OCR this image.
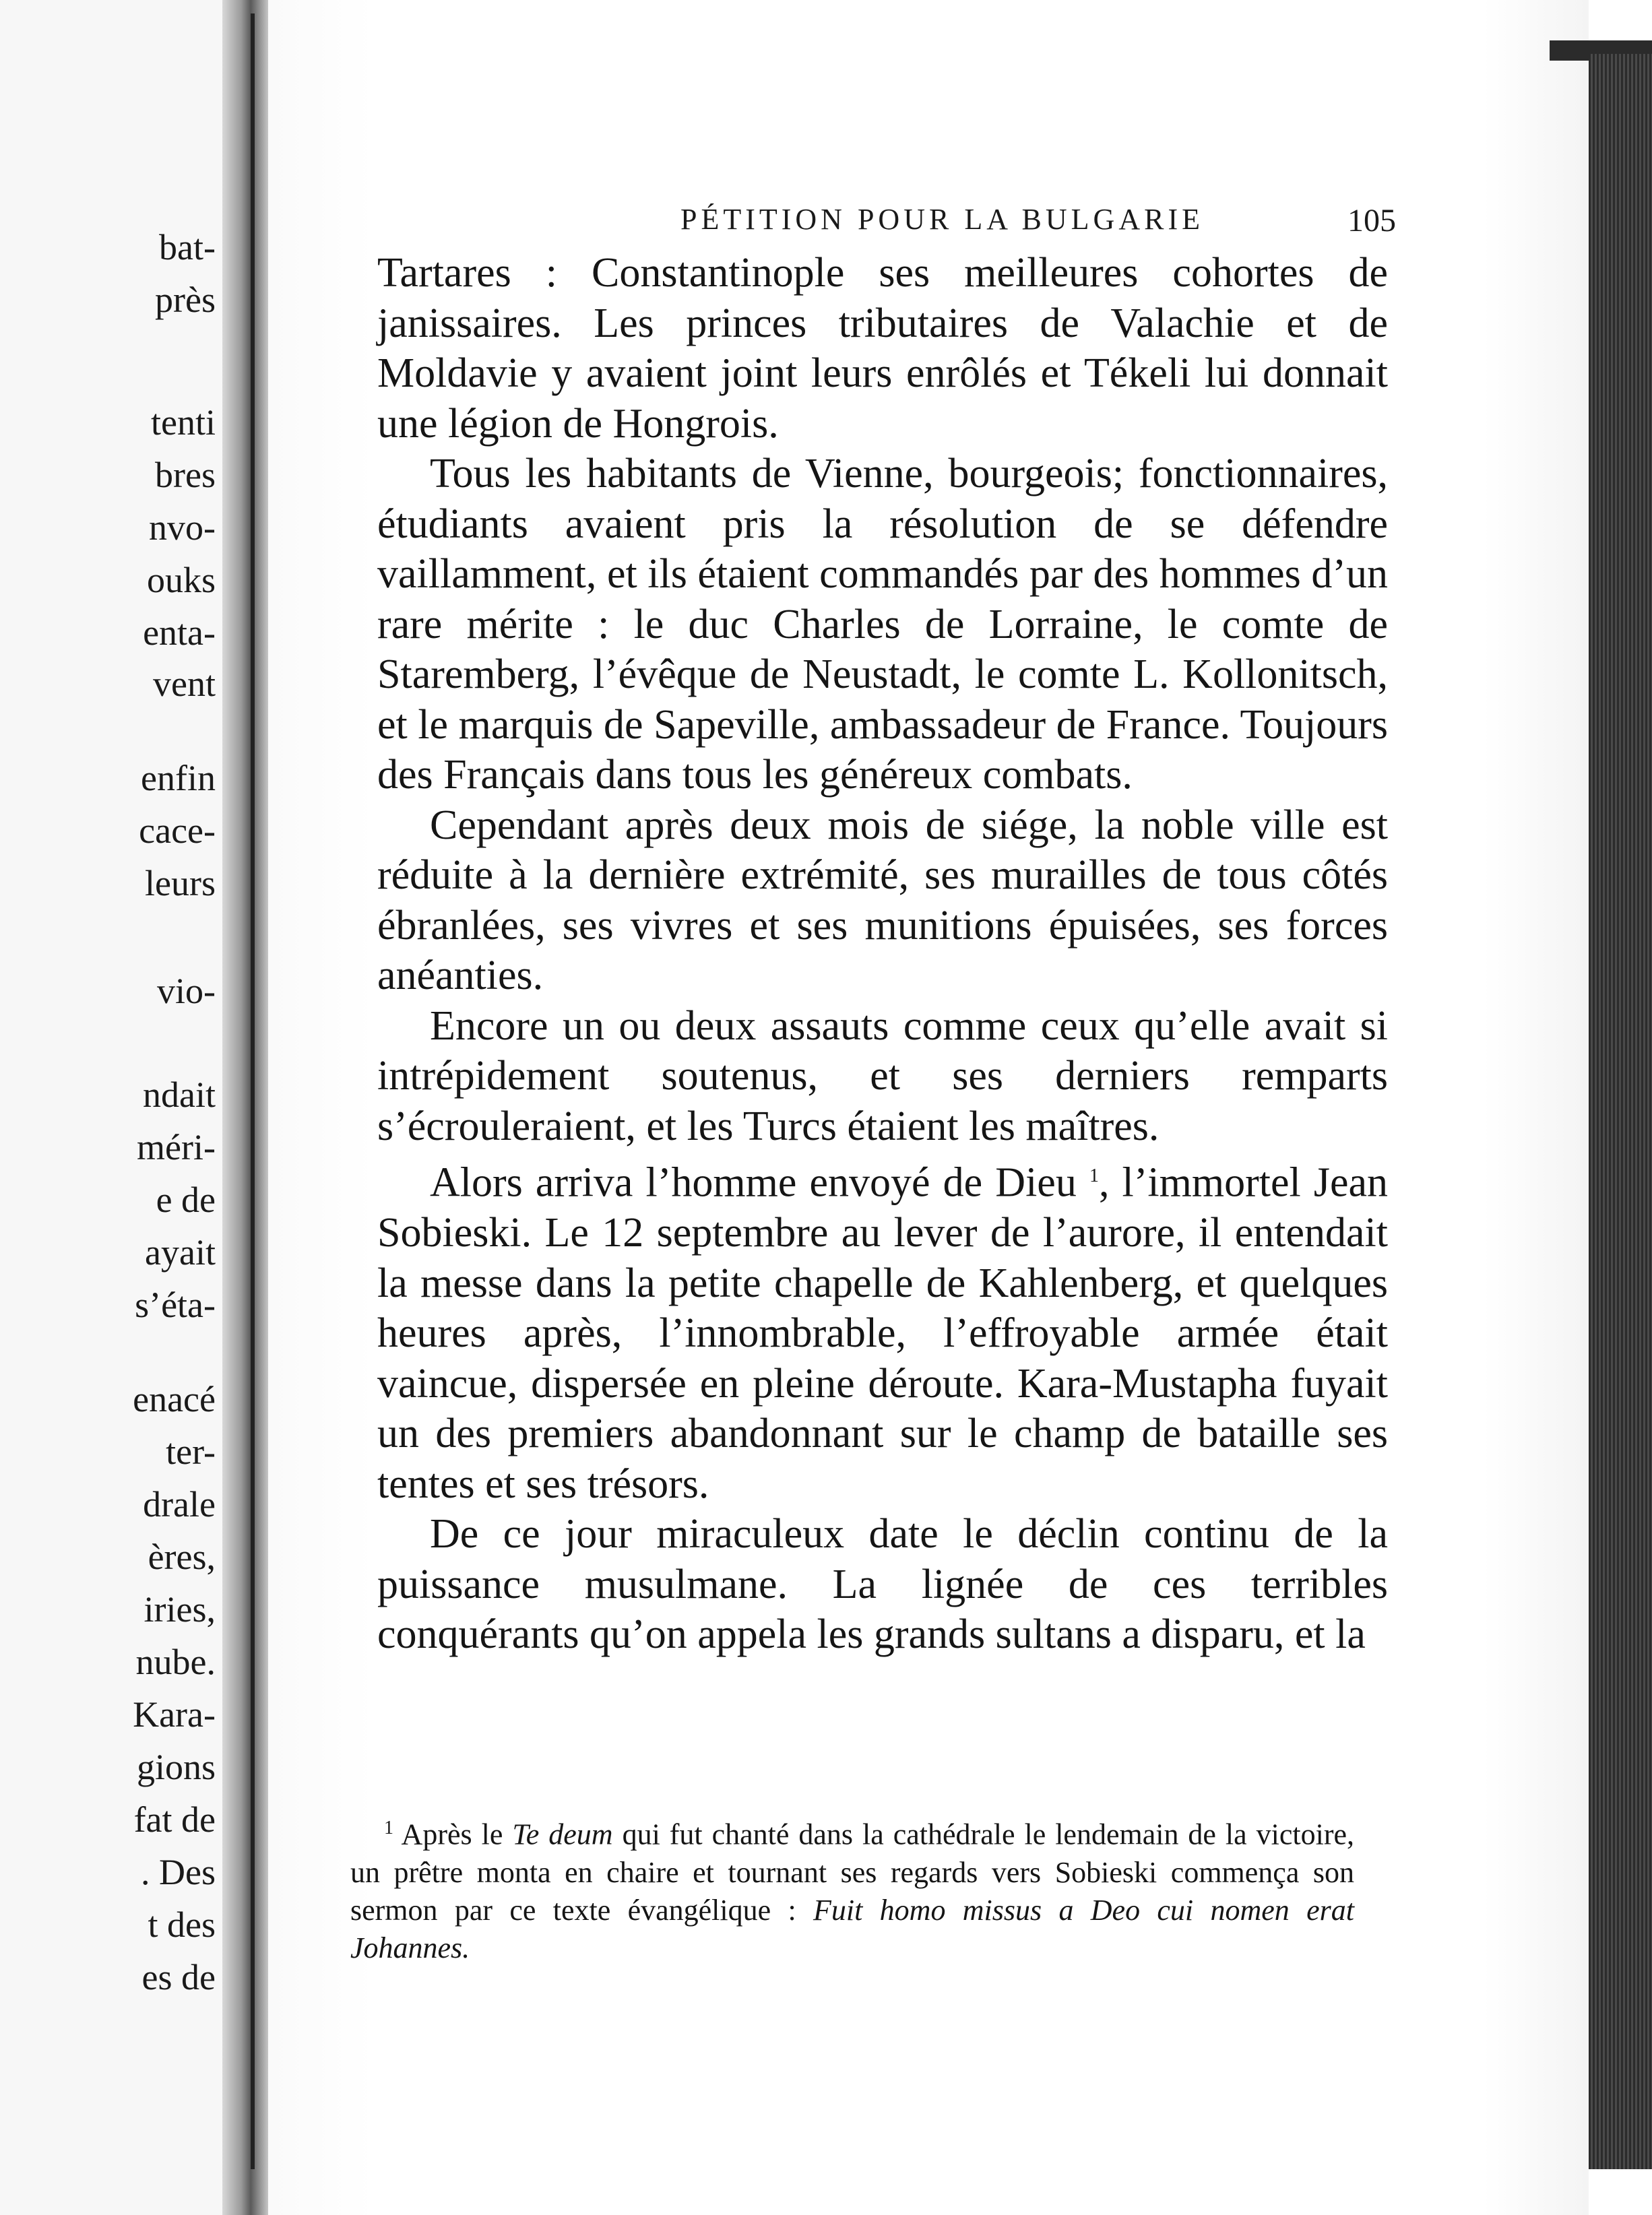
bat-
près
tenti
bres
nvo-
ouks
enta-
vent
enfin
cace-
leurs
vio-
ndait
méri-
e de
ayait
s’éta-
enacé
ter-
drale
ères,
iries,
nube.
Kara-
gions
fat de
. Des
t des
es de
PÉTITION POUR LA BULGARIE	105

Tartares : Constantinople ses meilleures cohortes de janissaires. Les princes tributaires de Valachie et de Moldavie y avaient joint leurs enrôlés et Tékeli lui donnait une légion de Hongrois.

Tous les habitants de Vienne, bourgeois; fonctionnaires, étudiants avaient pris la résolution de se défendre vaillamment, et ils étaient commandés par des hommes d’un rare mérite : le duc Charles de Lorraine, le comte de Staremberg, l’évêque de Neustadt, le comte L. Kollonitsch, et le marquis de Sapeville, ambassadeur de France. Toujours des Français dans tous les généreux combats.

Cependant après deux mois de siége, la noble ville est réduite à la dernière extrémité, ses murailles de tous côtés ébranlées, ses vivres et ses munitions épuisées, ses forces anéanties.

Encore un ou deux assauts comme ceux qu’elle avait si intrépidement soutenus, et ses derniers remparts s’écrouleraient, et les Turcs étaient les maîtres.

Alors arriva l’homme envoyé de Dieu $^1$, l’immortel Jean Sobieski. Le 12 septembre au lever de l’aurore, il entendait la messe dans la petite chapelle de Kahlenberg, et quelques heures après, l’innombrable, l’effroyable armée était vaincue, dispersée en pleine déroute. Kara-Mustapha fuyait un des premiers abandonnant sur le champ de bataille ses tentes et ses trésors.

De ce jour miraculeux date le déclin continu de la puissance musulmane. La lignée de ces terribles conquérants qu’on appela les grands sultans a disparu, et la

$^1$ Après le Te deum qui fut chanté dans la cathédrale le lendemain de la victoire, un prêtre monta en chaire et tournant ses regards vers Sobieski commença son sermon par ce texte évangélique : Fuit homo missus a Deo cui nomen erat Johannes.
